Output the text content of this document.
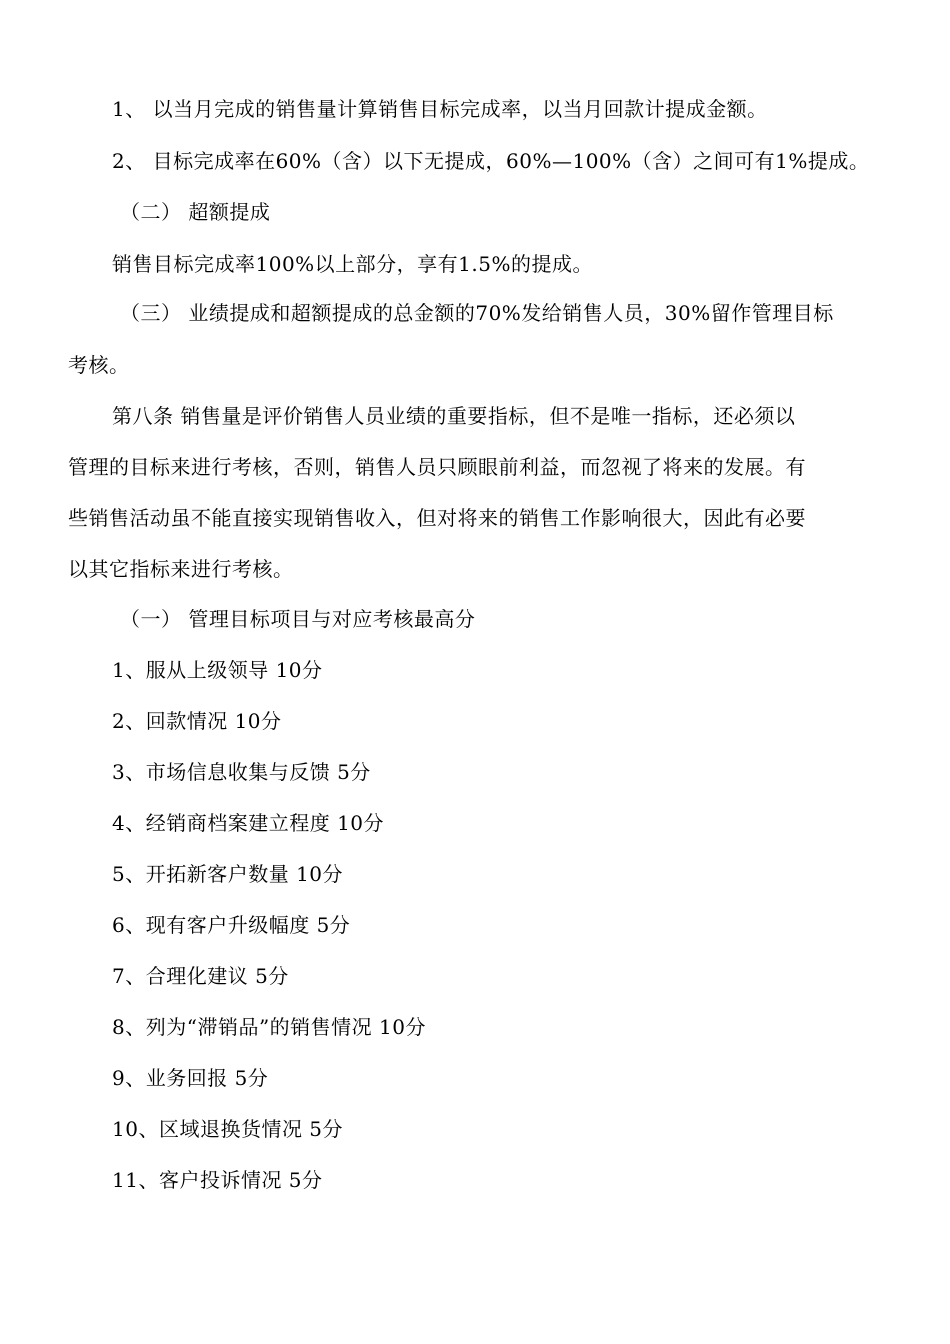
1、 以当月完成的销售量计算销售目标完成率，以当月回款计提成金额。
2、 目标完成率在60%（含）以下无提成，60%—100%（含）之间可有1%提成。
（二） 超额提成
销售目标完成率100%以上部分，享有1.5%的提成。
（三） 业绩提成和超额提成的总金额的70%发给销售人员，30%留作管理目标
考核。
第八条 销售量是评价销售人员业绩的重要指标，但不是唯一指标，还必须以
管理的目标来进行考核，否则，销售人员只顾眼前利益，而忽视了将来的发展。有
些销售活动虽不能直接实现销售收入，但对将来的销售工作影响很大，因此有必要
以其它指标来进行考核。
（一） 管理目标项目与对应考核最高分
1、服从上级领导 10分
2、回款情况 10分
3、市场信息收集与反馈 5分
4、经销商档案建立程度 10分
5、开拓新客户数量 10分
6、现有客户升级幅度 5分
7、合理化建议 5分
8、列为“滞销品”的销售情况 10分
9、业务回报 5分
10、区域退换货情况 5分
11、客户投诉情况 5分
